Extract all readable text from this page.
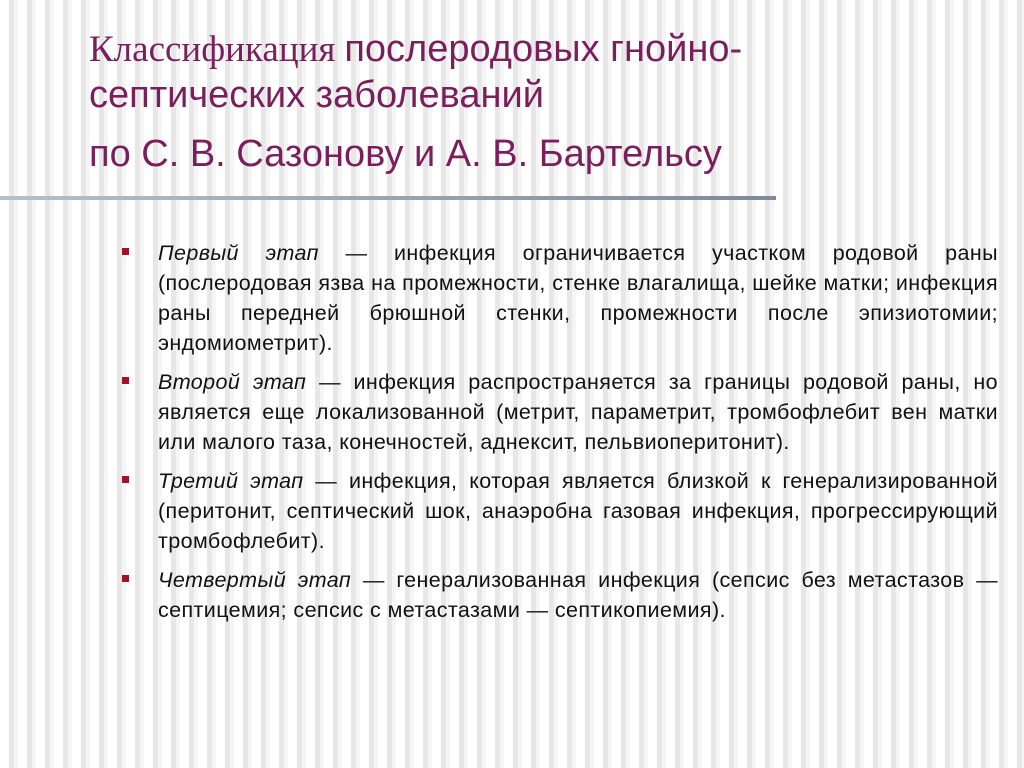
Классификация послеродовых гнойно-
септических заболеваний
по С. В. Сазонову и А. В. Бартельсу
Первый этап — инфекция ограничивается участком родовой раны (послеродовая язва на промежности, стенке влагалища, шейке матки; инфекция раны передней брюшной стенки, промежности после эпизиотомии; эндомиометрит).
Второй этап — инфекция распространяется за границы родовой раны, но является еще локализованной (метрит, параметрит, тромбофлебит вен матки или малого таза, конечностей, аднексит, пельвиоперитонит).
Третий этап — инфекция, которая является близкой к генерализированной (перитонит, септический шок, анаэробна газовая инфекция, прогрессирующий тромбофлебит).
Четвертый этап — генерализованная инфекция (сепсис без метастазов — септицемия; сепсис с метастазами — септикопиемия).
